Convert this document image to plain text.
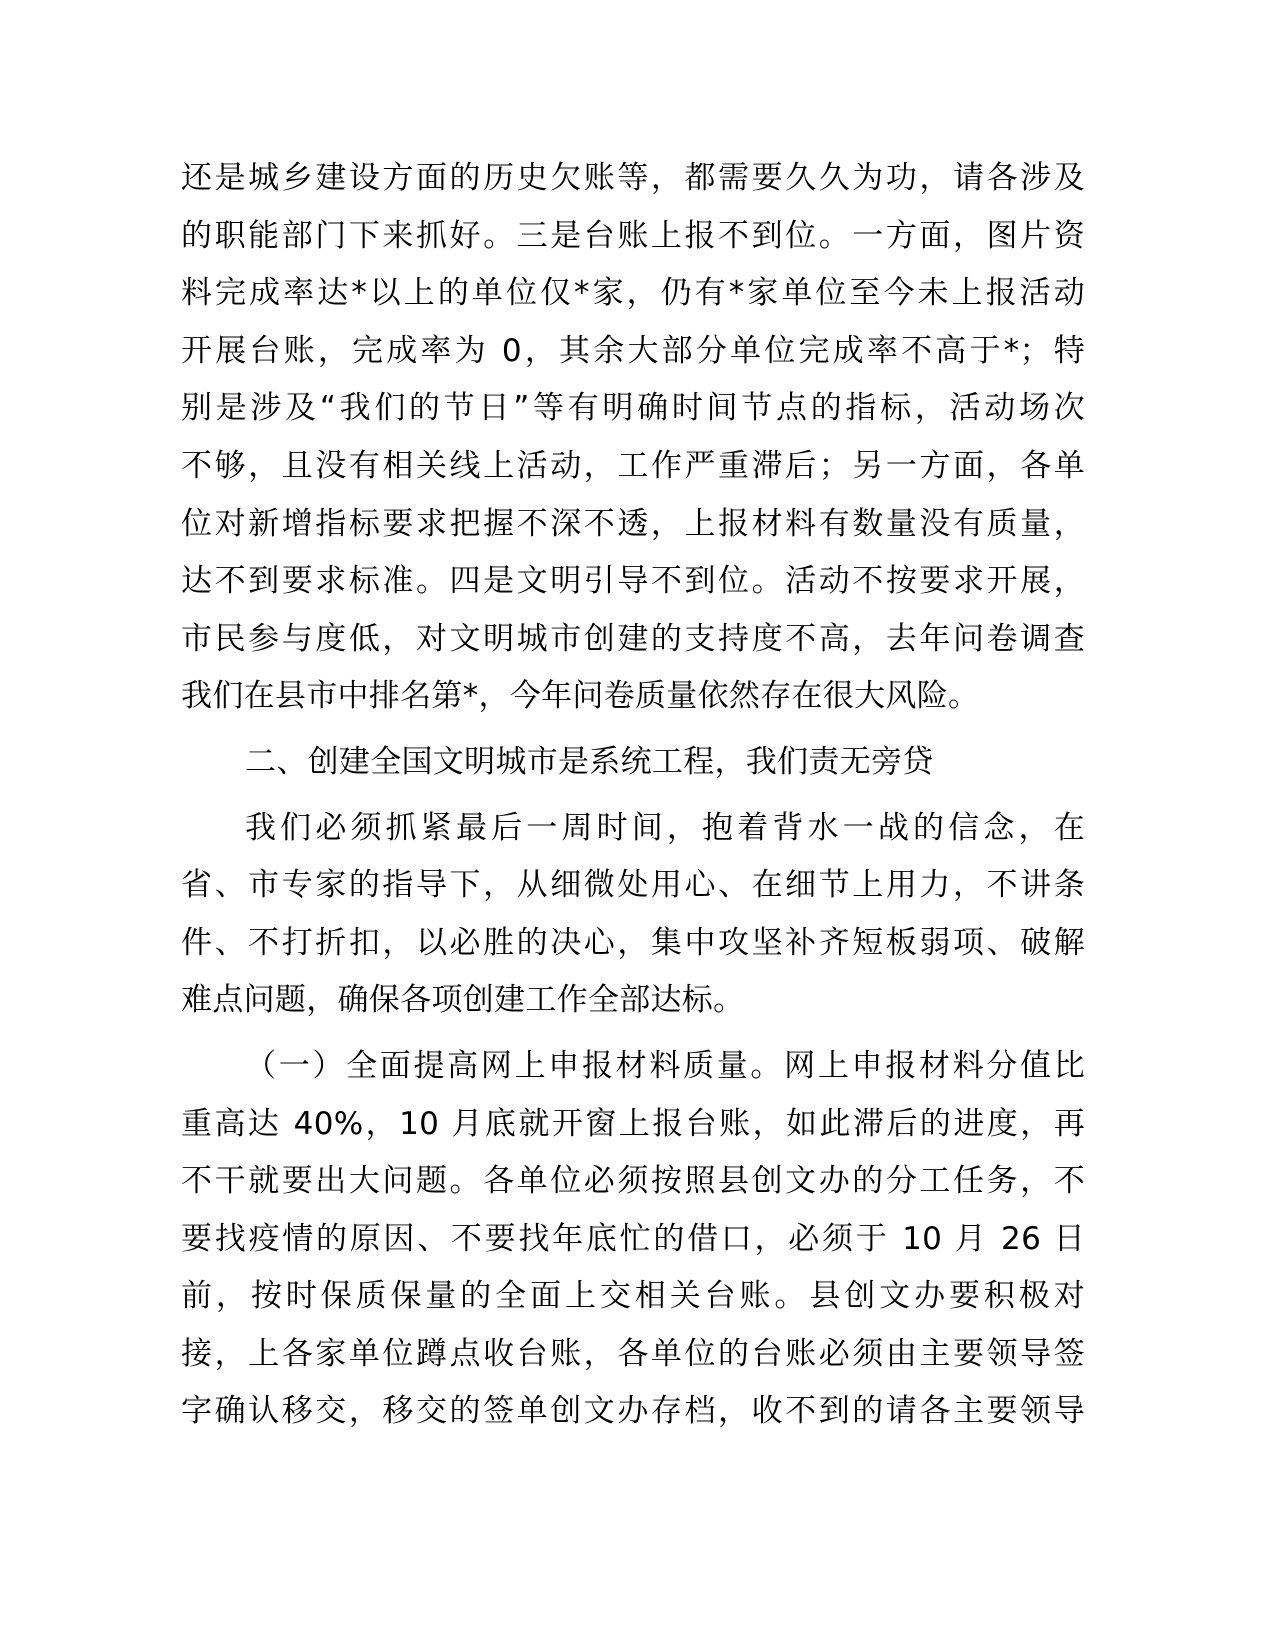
还是城乡建设方面的历史欠账等，都需要久久为功，请各涉及
的职能部门下来抓好。三是台账上报不到位。一方面，图片资
料完成率达*以上的单位仅*家，仍有*家单位至今未上报活动
开展台账，完成率为 0，其余大部分单位完成率不高于*；特
别是涉及“我们的节日”等有明确时间节点的指标，活动场次
不够，且没有相关线上活动，工作严重滞后；另一方面，各单
位对新增指标要求把握不深不透，上报材料有数量没有质量，
达不到要求标准。四是文明引导不到位。活动不按要求开展，
市民参与度低，对文明城市创建的支持度不高，去年问卷调查
我们在县市中排名第*，今年问卷质量依然存在很大风险。
二、创建全国文明城市是系统工程，我们责无旁贷
我们必须抓紧最后一周时间，抱着背水一战的信念，在
省、市专家的指导下，从细微处用心、在细节上用力，不讲条
件、不打折扣，以必胜的决心，集中攻坚补齐短板弱项、破解
难点问题，确保各项创建工作全部达标。
（一）全面提高网上申报材料质量。网上申报材料分值比
重高达 40%，10 月底就开窗上报台账，如此滞后的进度，再
不干就要出大问题。各单位必须按照县创文办的分工任务，不
要找疫情的原因、不要找年底忙的借口，必须于 10 月 26 日
前，按时保质保量的全面上交相关台账。县创文办要积极对
接，上各家单位蹲点收台账，各单位的台账必须由主要领导签
字确认移交，移交的签单创文办存档，收不到的请各主要领导
